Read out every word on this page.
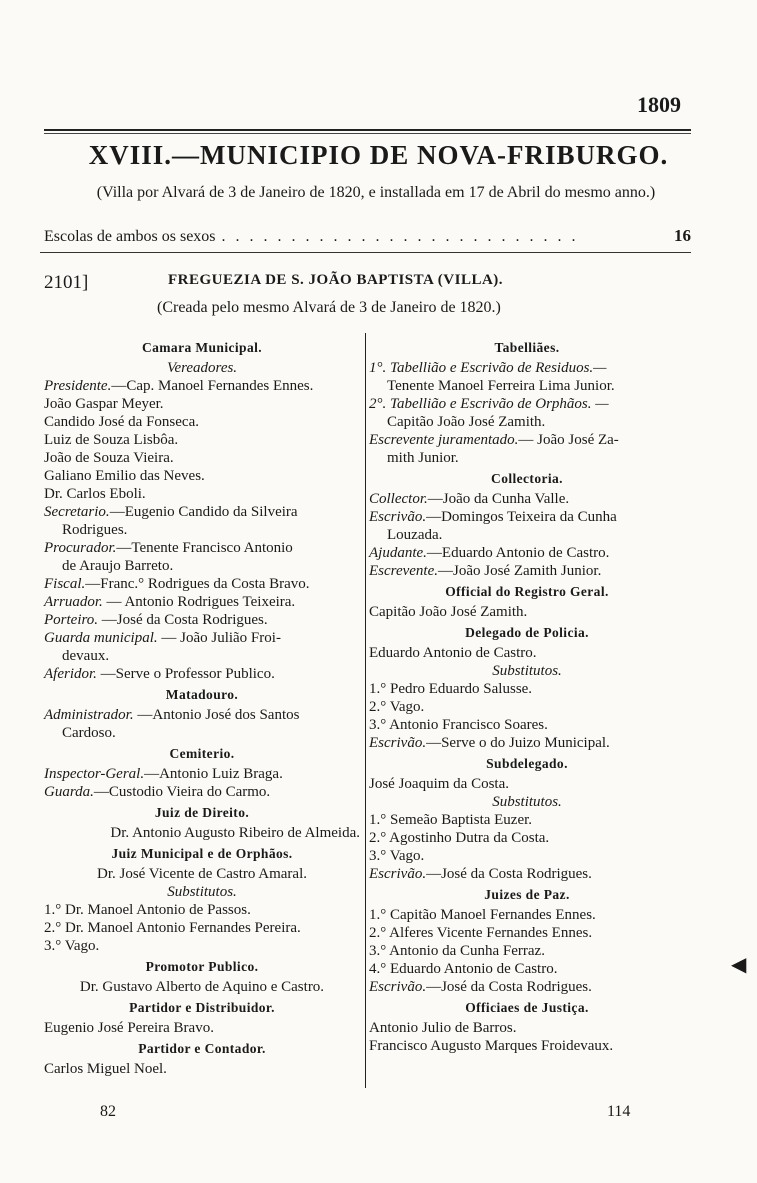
1809
XVIII.—MUNICIPIO DE NOVA-FRIBURGO.
(Villa por Alvará de 3 de Janeiro de 1820, e installada em 17 de Abril do mesmo anno.)
Escolas de ambos os sexos . . . . . . . . . . . . . . . . . . . . . . . . . .	16
2101]	FREGUEZIA DE S. JOÃO BAPTISTA (VILLA).
(Creada pelo mesmo Alvará de 3 de Janeiro de 1820.)

Camara Municipal.

Vereadores.

Presidente.—Cap. Manoel Fernandes Ennes.

João Gaspar Meyer.

Candido José da Fonseca.

Luiz de Souza Lisbôa.

João de Souza Vieira.

Galiano Emilio das Neves.

Dr. Carlos Eboli.

Secretario.—Eugenio Candido da Silveira

Rodrigues.

Procurador.—Tenente Francisco Antonio

de Araujo Barreto.

Fiscal.—Franc.° Rodrigues da Costa Bravo.

Arruador. — Antonio Rodrigues Teixeira.

Porteiro. —José da Costa Rodrigues.

Guarda municipal. — João Julião Froi-

devaux.

Aferidor. —Serve o Professor Publico.

Matadouro.

Administrador. —Antonio José dos Santos

Cardoso.

Cemiterio.

Inspector-Geral.—Antonio Luiz Braga.

Guarda.—Custodio Vieira do Carmo.

Juiz de Direito.

Dr. Antonio Augusto Ribeiro de Almeida.

Juiz Municipal e de Orphãos.

Dr. José Vicente de Castro Amaral.

Substitutos.

1.° Dr. Manoel Antonio de Passos.

2.° Dr. Manoel Antonio Fernandes Pereira.

3.° Vago.

Promotor Publico.

Dr. Gustavo Alberto de Aquino e Castro.

Partidor e Distribuidor.

Eugenio José Pereira Bravo.

Partidor e Contador.

Carlos Miguel Noel.

Tabelliães.

1°. Tabellião e Escrivão de Residuos.—

Tenente Manoel Ferreira Lima Junior.

2°. Tabellião e Escrivão de Orphãos. —

Capitão João José Zamith.

Escrevente juramentado.— João José Za-

mith Junior.

Collectoria.

Collector.—João da Cunha Valle.

Escrivão.—Domingos Teixeira da Cunha

Louzada.

Ajudante.—Eduardo Antonio de Castro.

Escrevente.—João José Zamith Junior.

Official do Registro Geral.

Capitão João José Zamith.

Delegado de Policia.

Eduardo Antonio de Castro.

Substitutos.

1.° Pedro Eduardo Salusse.

2.° Vago.

3.° Antonio Francisco Soares.

Escrivão.—Serve o do Juizo Municipal.

Subdelegado.

José Joaquim da Costa.

Substitutos.

1.° Semeão Baptista Euzer.

2.° Agostinho Dutra da Costa.

3.° Vago.

Escrivão.—José da Costa Rodrigues.

Juizes de Paz.

1.° Capitão Manoel Fernandes Ennes.

2.° Alferes Vicente Fernandes Ennes.

3.° Antonio da Cunha Ferraz.

4.° Eduardo Antonio de Castro.

Escrivão.—José da Costa Rodrigues.

Officiaes de Justiça.

Antonio Julio de Barros.

Francisco Augusto Marques Froidevaux.

82	114
◀
